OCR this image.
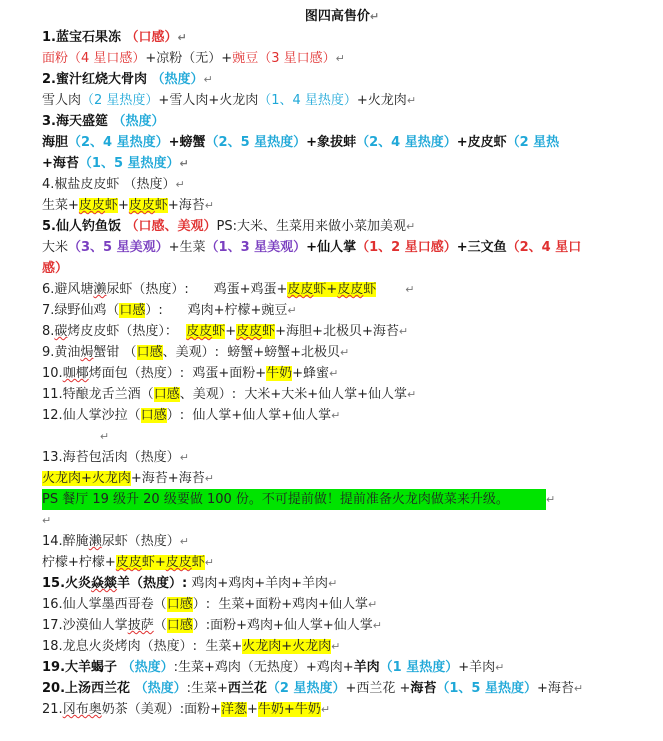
图四高售价↵
1.蓝宝石果冻 （口感）↵
面粉（4 星口感）+凉粉（无）+豌豆（3 星口感）↵
2.蜜汁红烧大骨肉 （热度）↵
雪人肉（2 星热度）+雪人肉+火龙肉（1、4 星热度）+火龙肉↵
3.海天盛筵 （热度）
海胆（2、4 星热度）+螃蟹（2、5 星热度）+象拔蚌（2、4 星热度）+皮皮虾（2 星热
+海苔（1、5 星热度）↵
4.椒盐皮皮虾 （热度）↵
生菜+皮皮虾+皮皮虾+海苔↵
5.仙人钓鱼饭 （口感、美观）PS:大米、生菜用来做小菜加美观↵
大米（3、5 星美观）+生菜（1、3 星美观）+仙人掌（1、2 星口感）+三文鱼（2、4 星口
感）
6.避风塘濑尿虾（热度）:      鸡蛋+鸡蛋+皮皮虾+皮皮虾	↵
7.绿野仙鸡（口感）:      鸡肉+柠檬+豌豆↵
8.碳烤皮皮虾（热度）：  皮皮虾+皮皮虾+海胆+北极贝+海苔↵
9.黄油焗蟹钳 （口感、美观）:  螃蟹+螃蟹+北极贝↵
10.咖椰烤面包（热度）:  鸡蛋+面粉+牛奶+蜂蜜↵
11.特酿龙舌兰酒（口感、美观）:  大米+大米+仙人掌+仙人掌↵
12.仙人掌沙拉（口感）:  仙人掌+仙人掌+仙人掌↵
↵
13.海苔包活肉（热度）↵
火龙肉+火龙肉+海苔+海苔↵
PS 餐厅 19 级升 20 级要做 100 份。不可提前做！提前准备火龙肉做菜来升级。	↵
↵
14.醉腌濑尿虾（热度）↵
柠檬+柠檬+皮皮虾+皮皮虾↵
15.火炎焱燚羊（热度）: 鸡肉+鸡肉+羊肉+羊肉↵
16.仙人掌墨西哥卷（口感）:  生菜+面粉+鸡肉+仙人掌↵
17.沙漠仙人掌披萨（口感）:面粉+鸡肉+仙人掌+仙人掌↵
18.龙息火炎烤肉（热度）:  生菜+火龙肉+火龙肉↵
19.大羊蝎子 （热度）:生菜+鸡肉（无热度）+鸡肉+羊肉（1 星热度）+羊肉↵
20.上汤西兰花 （热度）:生菜+西兰花（2 星热度）+西兰花 +海苔（1、5 星热度）+海苔↵
21.冈布奥奶茶（美观）:面粉+洋葱+牛奶+牛奶↵
